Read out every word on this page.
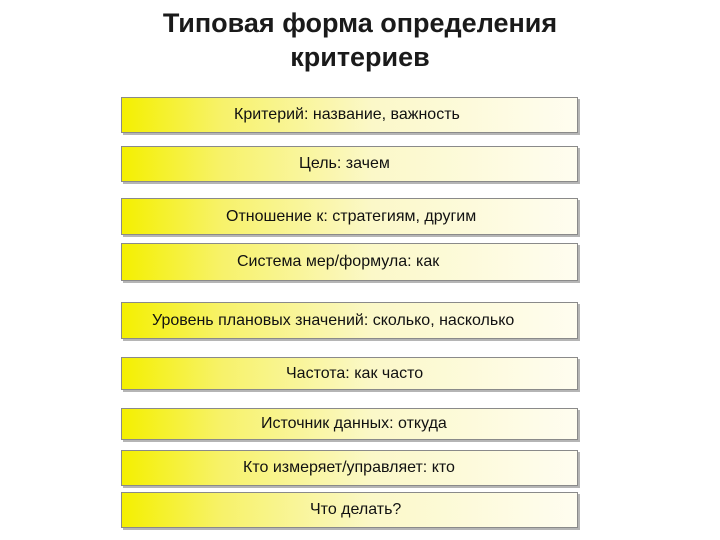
Типовая форма определения
критериев
Критерий: название, важность
Цель: зачем
Отношение к: стратегиям, другим
Система мер/формула: как
Уровень плановых значений: сколько, насколько
Частота: как часто
Источник данных: откуда
Кто измеряет/управляет: кто
Что делать?
